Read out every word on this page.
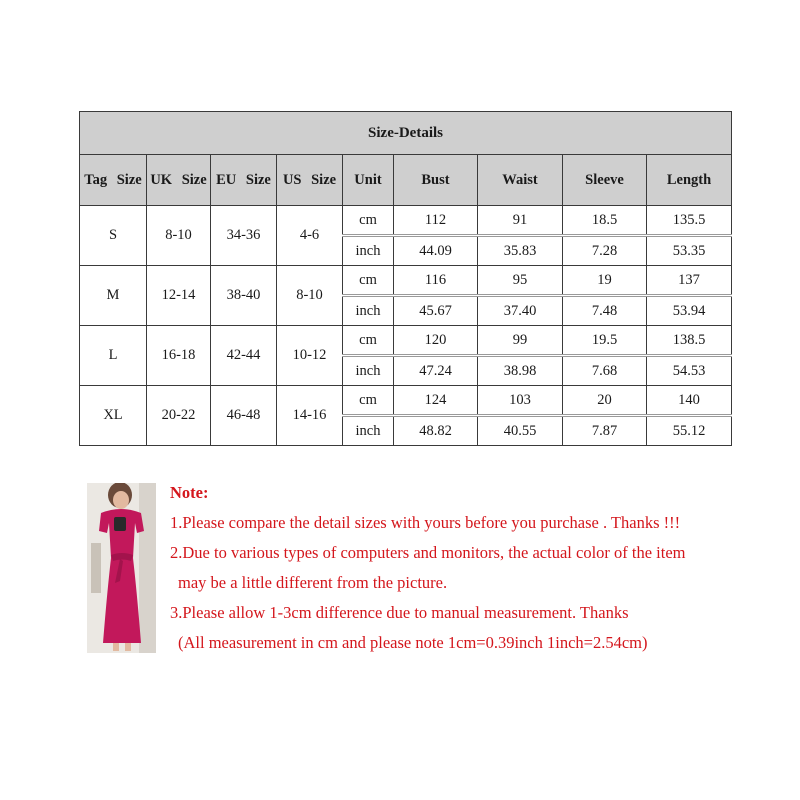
Size-Details								
Tag Size	UK Size	EU Size	US Size	Unit	Bust	Waist	Sleeve	Length
S	8-10	34-36	4-6	cm	112	91	18.5	135.5
				inch	44.09	35.83	7.28	53.35
M	12-14	38-40	8-10	cm	116	95	19	137
				inch	45.67	37.40	7.48	53.94
L	16-18	42-44	10-12	cm	120	99	19.5	138.5
				inch	47.24	38.98	7.68	54.53
XL	20-22	46-48	14-16	cm	124	103	20	140
				inch	48.82	40.55	7.87	55.12
Note:
1.Please compare the detail sizes with yours before you purchase . Thanks !!!
2.Due to various types of computers and monitors, the actual color of the item
may be a little different from the picture.
3.Please allow 1-3cm difference due to manual measurement. Thanks
(All measurement in cm and please note 1cm=0.39inch 1inch=2.54cm)
